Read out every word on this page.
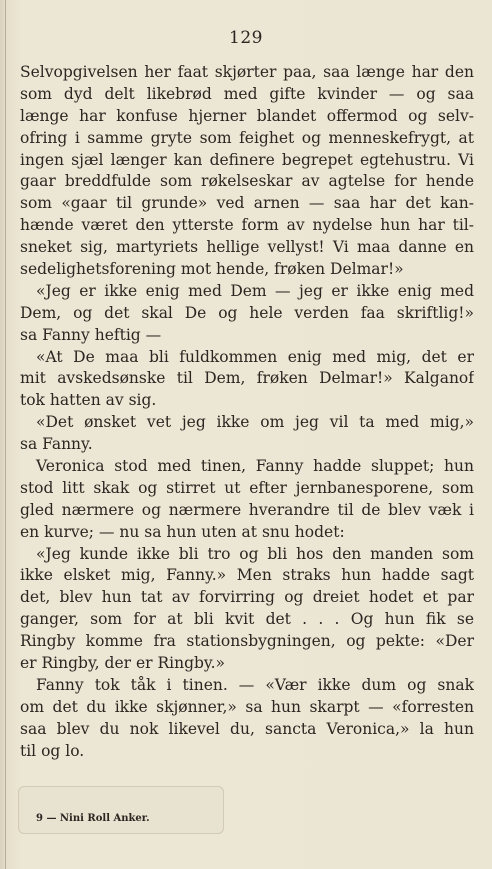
129
Selvopgivelsen her faat skjørter paa, saa længe har den
som dyd delt likebrød med gifte kvinder — og saa
længe har konfuse hjerner blandet offermod og selv-
ofring i samme gryte som feighet og menneskefrygt, at
ingen sjæl længer kan definere begrepet egtehustru. Vi
gaar breddfulde som røkelseskar av agtelse for hende
som «gaar til grunde» ved arnen — saa har det kan-
hænde været den ytterste form av nydelse hun har til-
sneket sig, martyriets hellige vellyst! Vi maa danne en
sedelighetsforening mot hende, frøken Delmar!»
«Jeg er ikke enig med Dem — jeg er ikke enig med
Dem, og det skal De og hele verden faa skriftlig!»
sa Fanny heftig —
«At De maa bli fuldkommen enig med mig, det er
mit avskedsønske til Dem, frøken Delmar!» Kalganof
tok hatten av sig.
«Det ønsket vet jeg ikke om jeg vil ta med mig,»
sa Fanny.
Veronica stod med tinen, Fanny hadde sluppet; hun
stod litt skak og stirret ut efter jernbanesporene, som
gled nærmere og nærmere hverandre til de blev væk i
en kurve; — nu sa hun uten at snu hodet:
«Jeg kunde ikke bli tro og bli hos den manden som
ikke elsket mig, Fanny.» Men straks hun hadde sagt
det, blev hun tat av forvirring og dreiet hodet et par
ganger, som for at bli kvit det . . . Og hun fik se
Ringby komme fra stationsbygningen, og pekte: «Der
er Ringby, der er Ringby.»
Fanny tok tåk i tinen. — «Vær ikke dum og snak
om det du ikke skjønner,» sa hun skarpt — «forresten
saa blev du nok likevel du, sancta Veronica,» la hun
til og lo.
9 — Nini Roll Anker.
